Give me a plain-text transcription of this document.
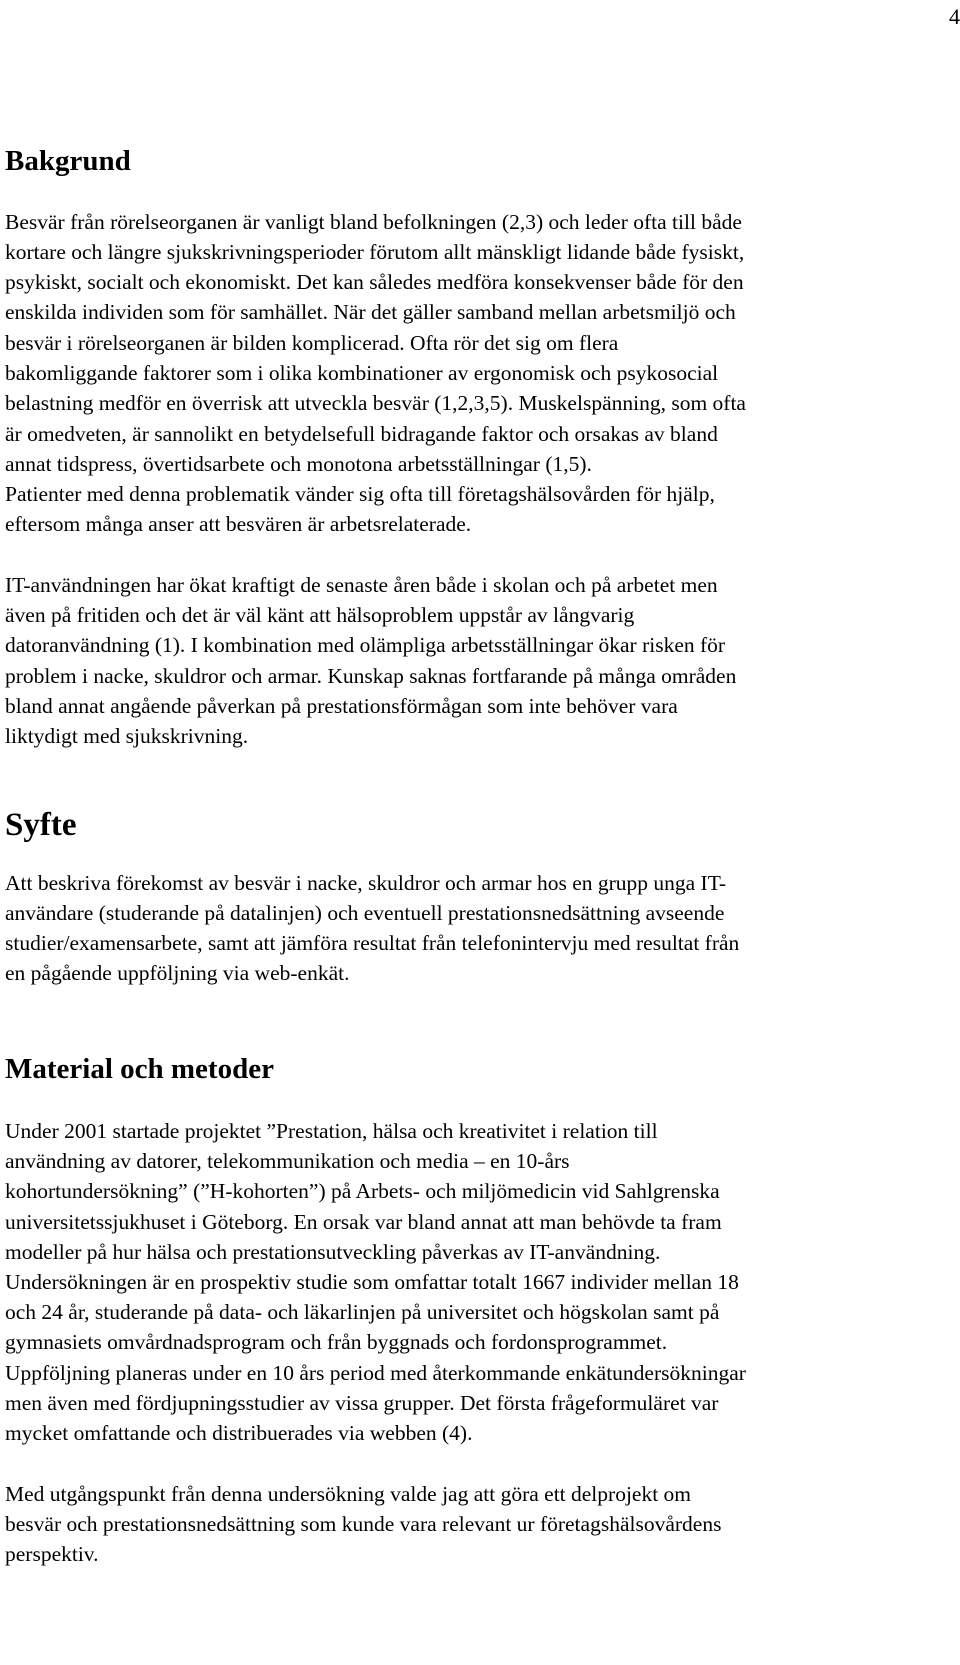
4
Bakgrund
Besvär från rörelseorganen är vanligt bland befolkningen (2,3) och leder ofta till både
kortare och längre sjukskrivningsperioder förutom allt mänskligt lidande både fysiskt,
psykiskt, socialt och ekonomiskt. Det kan således medföra konsekvenser både för den
enskilda individen som för samhället. När det gäller samband mellan arbetsmiljö och
besvär i rörelseorganen är bilden komplicerad. Ofta rör det sig om flera
bakomliggande faktorer som i olika kombinationer av ergonomisk och psykosocial
belastning medför en överrisk att utveckla besvär (1,2,3,5). Muskelspänning, som ofta
är omedveten, är sannolikt en betydelsefull bidragande faktor och orsakas av bland
annat tidspress, övertidsarbete och monotona arbetsställningar (1,5).
Patienter med denna problematik vänder sig ofta till företagshälsovården för hjälp,
eftersom många anser att besvären är arbetsrelaterade.
IT-användningen har ökat kraftigt de senaste åren både i skolan och på arbetet men
även på fritiden och det är väl känt att hälsoproblem uppstår av långvarig
datoranvändning (1). I kombination med olämpliga arbetsställningar ökar risken för
problem i nacke, skuldror och armar. Kunskap saknas fortfarande på många områden
bland annat angående påverkan på prestationsförmågan som inte behöver vara
liktydigt med sjukskrivning.
Syfte
Att beskriva förekomst av besvär i nacke, skuldror och armar hos en grupp unga IT-
användare (studerande på datalinjen) och eventuell prestationsnedsättning avseende
studier/examensarbete, samt att jämföra resultat från telefonintervju med resultat från
en pågående uppföljning via web-enkät.
Material och metoder
Under 2001 startade projektet ”Prestation, hälsa och kreativitet i relation till
användning av datorer, telekommunikation och media – en 10-års
kohortundersökning” (”H-kohorten”) på Arbets- och miljömedicin vid Sahlgrenska
universitetssjukhuset i Göteborg. En orsak var bland annat att man behövde ta fram
modeller på hur hälsa och prestationsutveckling påverkas av IT-användning.
Undersökningen är en prospektiv studie som omfattar totalt 1667 individer mellan 18
och 24 år, studerande på data- och läkarlinjen på universitet och högskolan samt på
gymnasiets omvårdnadsprogram och från byggnads och fordonsprogrammet.
Uppföljning planeras under en 10 års period med återkommande enkätundersökningar
men även med fördjupningsstudier av vissa grupper. Det första frågeformuläret var
mycket omfattande och distribuerades via webben (4).
Med utgångspunkt från denna undersökning valde jag att göra ett delprojekt om
besvär och prestationsnedsättning som kunde vara relevant ur företagshälsovårdens
perspektiv.
